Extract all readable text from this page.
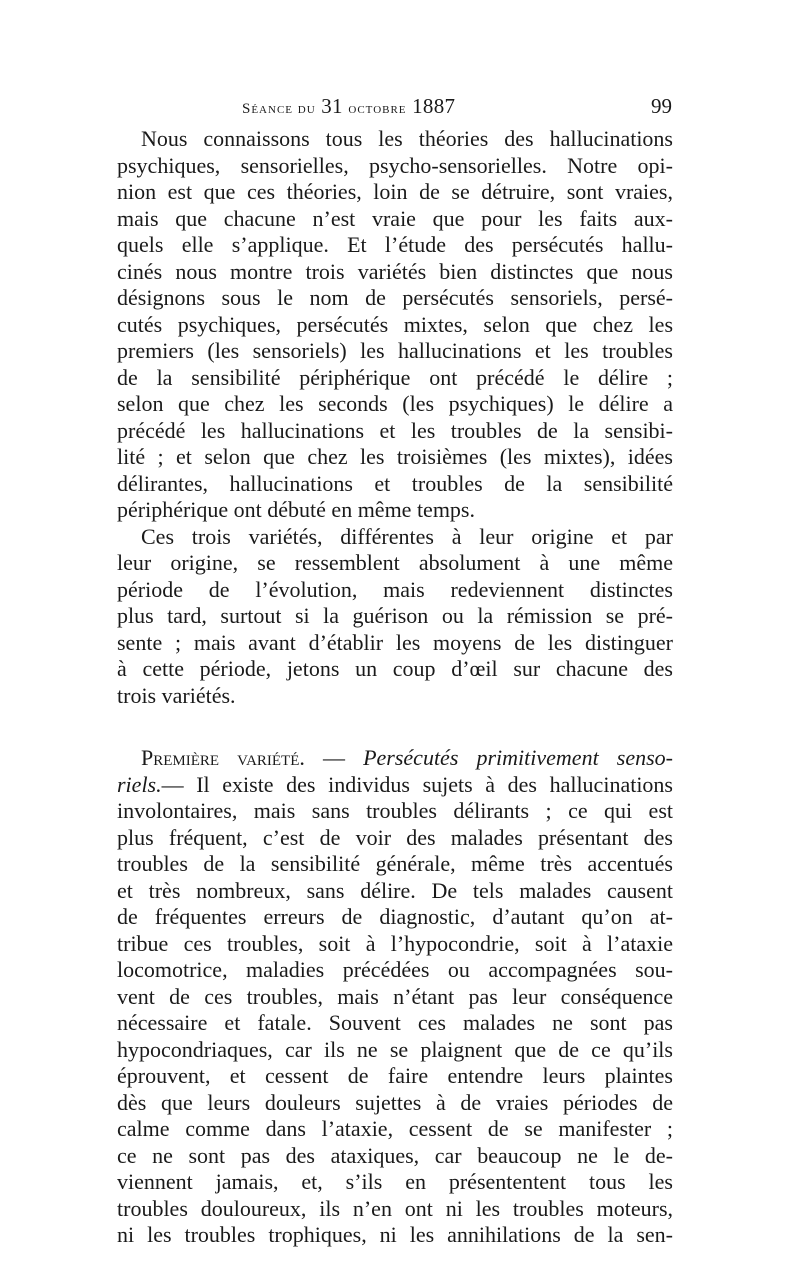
Séance du 31 octobre 1887	99
Nous connaissons tous les théories des hallucinations
psychiques, sensorielles, psycho-sensorielles. Notre opi-
nion est que ces théories, loin de se détruire, sont vraies,
mais que chacune n’est vraie que pour les faits aux-
quels elle s’applique. Et l’étude des persécutés hallu-
cinés nous montre trois variétés bien distinctes que nous
désignons sous le nom de persécutés sensoriels, persé-
cutés psychiques, persécutés mixtes, selon que chez les
premiers (les sensoriels) les hallucinations et les troubles
de la sensibilité périphérique ont précédé le délire ;
selon que chez les seconds (les psychiques) le délire a
précédé les hallucinations et les troubles de la sensibi-
lité ; et selon que chez les troisièmes (les mixtes), idées
délirantes, hallucinations et troubles de la sensibilité
périphérique ont débuté en même temps.
Ces trois variétés, différentes à leur origine et par
leur origine, se ressemblent absolument à une même
période de l’évolution, mais redeviennent distinctes
plus tard, surtout si la guérison ou la rémission se pré-
sente ; mais avant d’établir les moyens de les distinguer
à cette période, jetons un coup d’œil sur chacune des
trois variétés.
Première variété. — Persécutés primitivement senso-
riels.— Il existe des individus sujets à des hallucinations
involontaires, mais sans troubles délirants ; ce qui est
plus fréquent, c’est de voir des malades présentant des
troubles de la sensibilité générale, même très accentués
et très nombreux, sans délire. De tels malades causent
de fréquentes erreurs de diagnostic, d’autant qu’on at-
tribue ces troubles, soit à l’hypocondrie, soit à l’ataxie
locomotrice, maladies précédées ou accompagnées sou-
vent de ces troubles, mais n’étant pas leur conséquence
nécessaire et fatale. Souvent ces malades ne sont pas
hypocondriaques, car ils ne se plaignent que de ce qu’ils
éprouvent, et cessent de faire entendre leurs plaintes
dès que leurs douleurs sujettes à de vraies périodes de
calme comme dans l’ataxie, cessent de se manifester ;
ce ne sont pas des ataxiques, car beaucoup ne le de-
viennent jamais, et, s’ils en présententent tous les
troubles douloureux, ils n’en ont ni les troubles moteurs,
ni les troubles trophiques, ni les annihilations de la sen-
